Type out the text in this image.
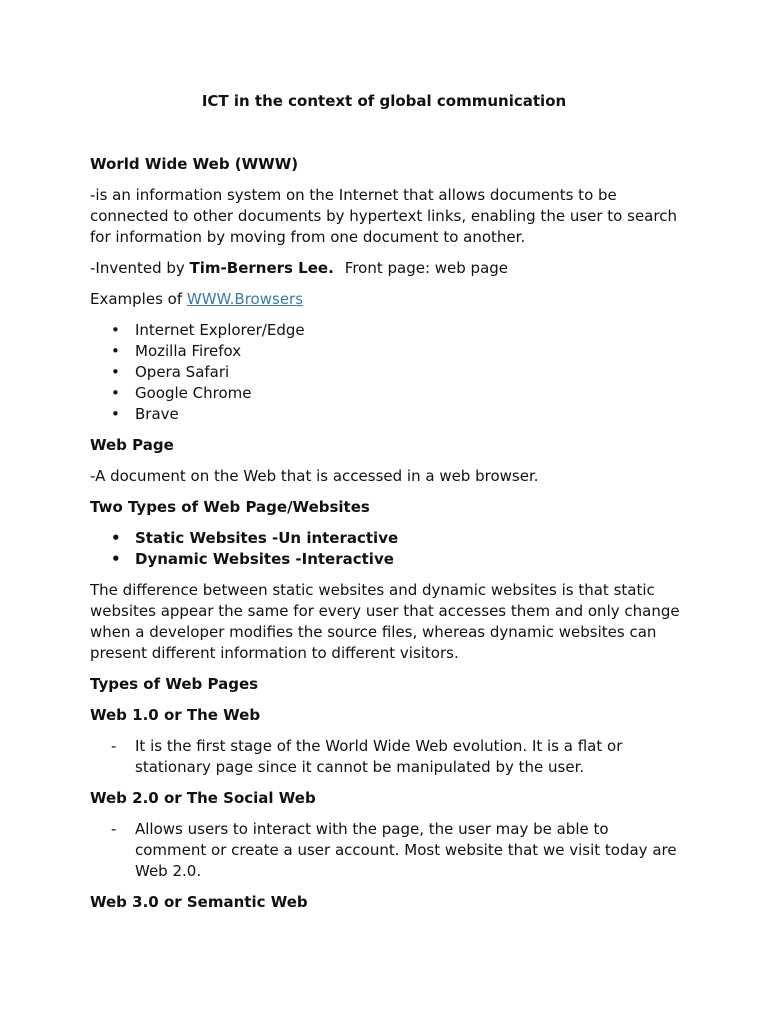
ICT in the context of global communication

World Wide Web (WWW)

-is an information system on the Internet that allows documents to be connected to other documents by hypertext links, enabling the user to search for information by moving from one document to another.

-Invented by Tim-Berners Lee. Front page: web page

Examples of WWW.Browsers

• Internet Explorer/Edge
• Mozilla Firefox
• Opera Safari
• Google Chrome
• Brave

Web Page

-A document on the Web that is accessed in a web browser.

Two Types of Web Page/Websites

• Static Websites -Un interactive
• Dynamic Websites -Interactive

The difference between static websites and dynamic websites is that static websites appear the same for every user that accesses them and only change when a developer modifies the source files, whereas dynamic websites can present different information to different visitors.

Types of Web Pages

Web 1.0 or The Web

- It is the first stage of the World Wide Web evolution. It is a flat or stationary page since it cannot be manipulated by the user.

Web 2.0 or The Social Web

- Allows users to interact with the page, the user may be able to comment or create a user account. Most website that we visit today are Web 2.0.

Web 3.0 or Semantic Web
